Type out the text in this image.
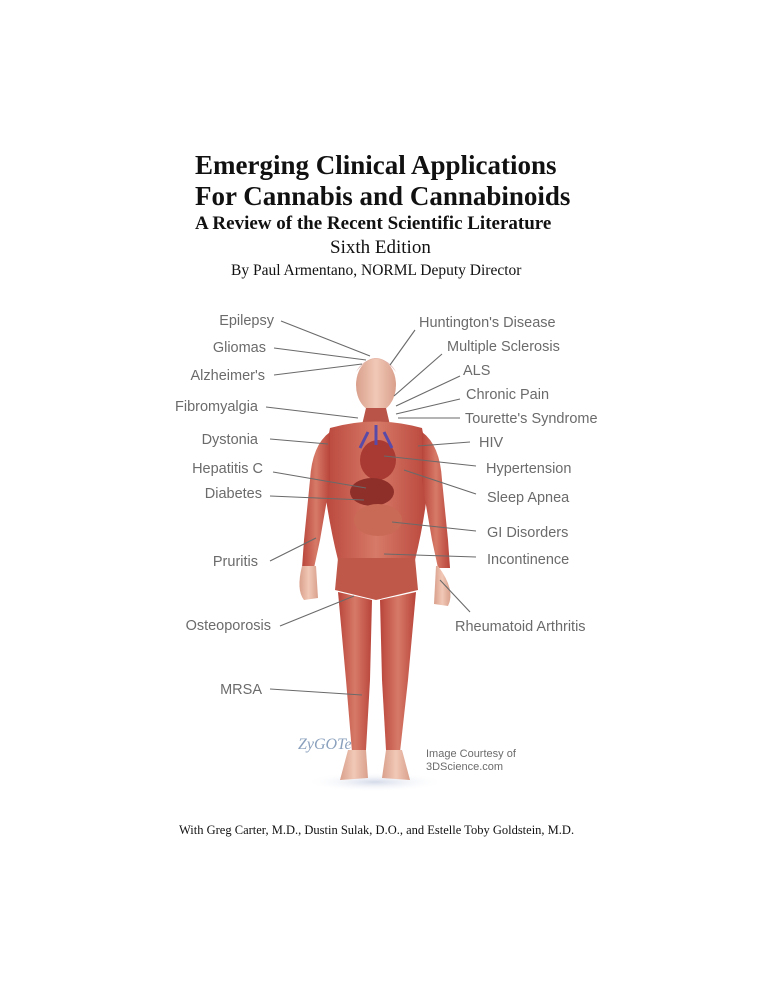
Emerging Clinical Applications
For Cannabis and Cannabinoids
A Review of the Recent Scientific Literature
Sixth Edition
By Paul Armentano, NORML Deputy Director
Epilepsy
Gliomas
Alzheimer's
Fibromyalgia
Dystonia
Hepatitis C
Diabetes
Pruritis
Osteoporosis
MRSA
Huntington's Disease
Multiple Sclerosis
ALS
Chronic Pain
Tourette's Syndrome
HIV
Hypertension
Sleep Apnea
GI Disorders
Incontinence
Rheumatoid Arthritis
ZyGOTe
Image Courtesy of
3DScience.com
With Greg Carter, M.D., Dustin Sulak, D.O., and Estelle Toby Goldstein, M.D.
